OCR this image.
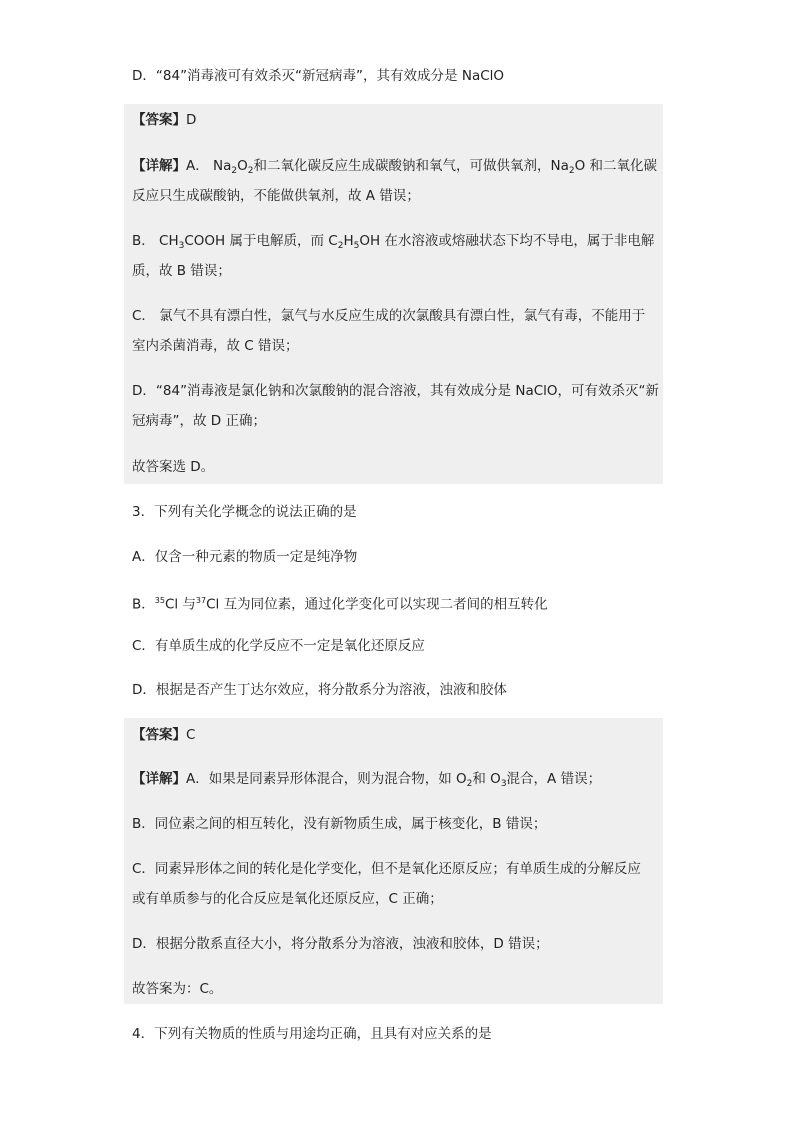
D．“84”消毒液可有效杀灭“新冠病毒”，其有效成分是 NaClO
【答案】D
【详解】A． $Na_2O_2$和二氧化碳反应生成碳酸钠和氧气，可做供氧剂，$Na_2O$ 和二氧化碳
反应只生成碳酸钠，不能做供氧剂，故 A 错误；
B． $CH_3COOH$ 属于电解质，而 $C_2H_5OH$ 在水溶液或熔融状态下均不导电，属于非电解
质，故 B 错误；
C． 氯气不具有漂白性，氯气与水反应生成的次氯酸具有漂白性，氯气有毒，不能用于
室内杀菌消毒，故 C 错误；
D．“84”消毒液是氯化钠和次氯酸钠的混合溶液，其有效成分是 NaClO，可有效杀灭“新
冠病毒”，故 D 正确；
故答案选 D。
3．下列有关化学概念的说法正确的是
A．仅含一种元素的物质一定是纯净物
B．$^{35}$Cl 与$^{37}$Cl 互为同位素，通过化学变化可以实现二者间的相互转化
C．有单质生成的化学反应不一定是氧化还原反应
D．根据是否产生丁达尔效应，将分散系分为溶液，浊液和胶体
【答案】C
【详解】A．如果是同素异形体混合，则为混合物，如 $O_2$和 $O_3$混合，A 错误；
B．同位素之间的相互转化，没有新物质生成，属于核变化，B 错误；
C．同素异形体之间的转化是化学变化，但不是氧化还原反应；有单质生成的分解反应
或有单质参与的化合反应是氧化还原反应，C 正确；
D．根据分散系直径大小，将分散系分为溶液，浊液和胶体，D 错误；
故答案为：C。
4．下列有关物质的性质与用途均正确，且具有对应关系的是
